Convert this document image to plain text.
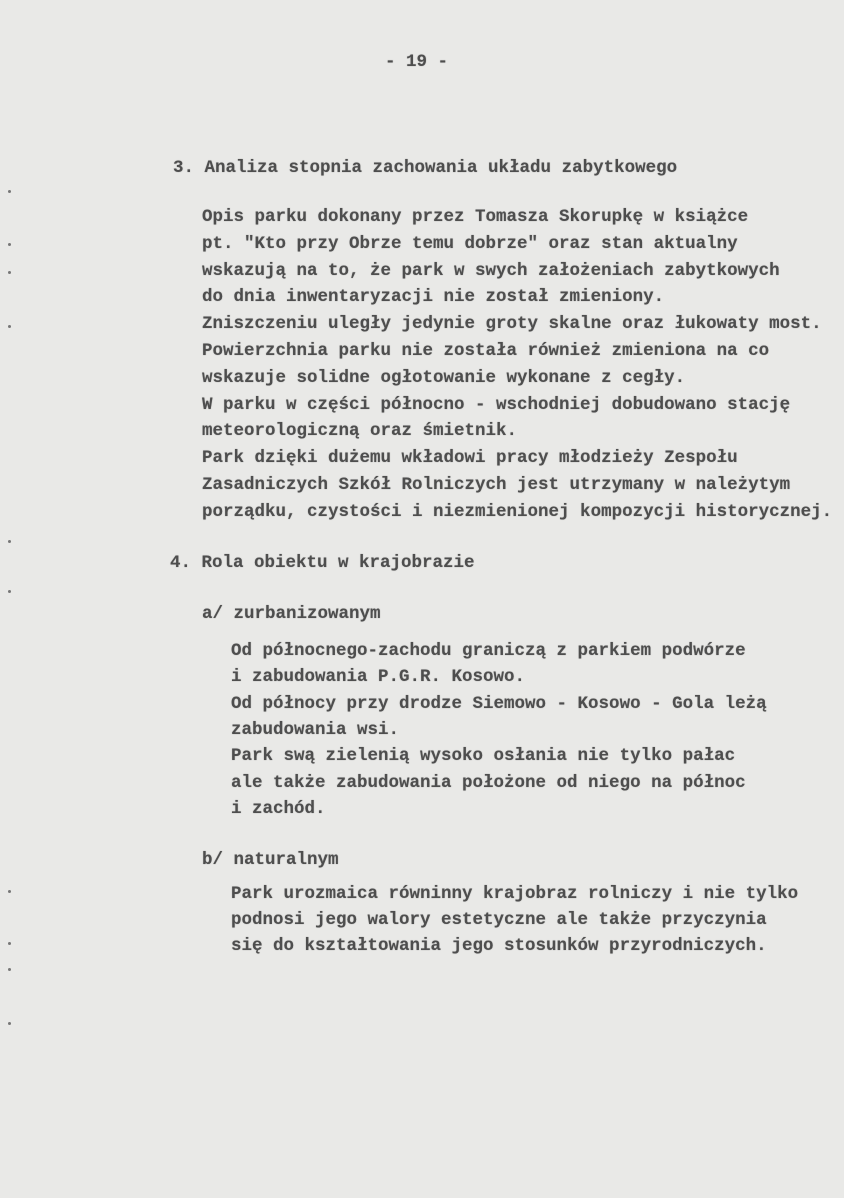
- 19 -
3. Analiza stopnia zachowania układu zabytkowego
Opis parku dokonany przez Tomasza Skorupkę w książce
pt. "Kto przy Obrze temu dobrze" oraz stan aktualny
wskazują na to, że park w swych założeniach zabytkowych
do dnia inwentaryzacji nie został zmieniony.
Zniszczeniu uległy jedynie groty skalne oraz łukowaty most.
Powierzchnia parku nie została również zmieniona na co
wskazuje solidne ogłotowanie wykonane z cegły.
W parku w części północno - wschodniej dobudowano stację
meteorologiczną oraz śmietnik.
Park dzięki dużemu wkładowi pracy młodzieży Zespołu
Zasadniczych Szkół Rolniczych jest utrzymany w należytym
porządku, czystości i niezmienionej kompozycji historycznej.
4. Rola obiektu w krajobrazie
a/ zurbanizowanym
Od północnego-zachodu graniczą z parkiem podwórze
i zabudowania P.G.R. Kosowo.
Od północy przy drodze Siemowo - Kosowo - Gola leżą
zabudowania wsi.
Park swą zielenią wysoko osłania nie tylko pałac
ale także zabudowania położone od niego na północ
i zachód.
b/ naturalnym
Park urozmaica równinny krajobraz rolniczy i nie tylko
podnosi jego walory estetyczne ale także przyczynia
się do kształtowania jego stosunków przyrodniczych.
